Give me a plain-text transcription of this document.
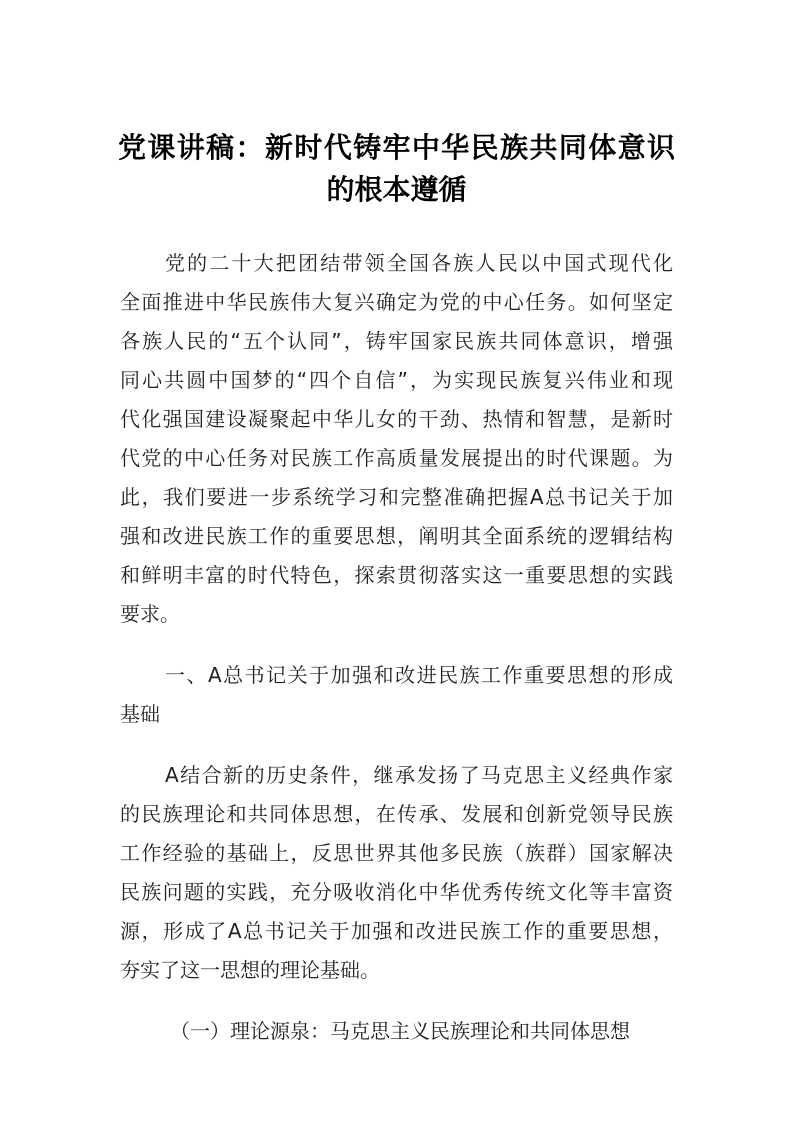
党课讲稿：新时代铸牢中华民族共同体意识
的根本遵循
党的二十大把团结带领全国各族人民以中国式现代化
全面推进中华民族伟大复兴确定为党的中心任务。如何坚定
各族人民的“五个认同”，铸牢国家民族共同体意识，增强
同心共圆中国梦的“四个自信”，为实现民族复兴伟业和现
代化强国建设凝聚起中华儿女的干劲、热情和智慧，是新时
代党的中心任务对民族工作高质量发展提出的时代课题。为
此，我们要进一步系统学习和完整准确把握A总书记关于加
强和改进民族工作的重要思想，阐明其全面系统的逻辑结构
和鲜明丰富的时代特色，探索贯彻落实这一重要思想的实践
要求。
一、A总书记关于加强和改进民族工作重要思想的形成
基础
A结合新的历史条件，继承发扬了马克思主义经典作家
的民族理论和共同体思想，在传承、发展和创新党领导民族
工作经验的基础上，反思世界其他多民族（族群）国家解决
民族问题的实践，充分吸收消化中华优秀传统文化等丰富资
源，形成了A总书记关于加强和改进民族工作的重要思想，
夯实了这一思想的理论基础。
（一）理论源泉：马克思主义民族理论和共同体思想
